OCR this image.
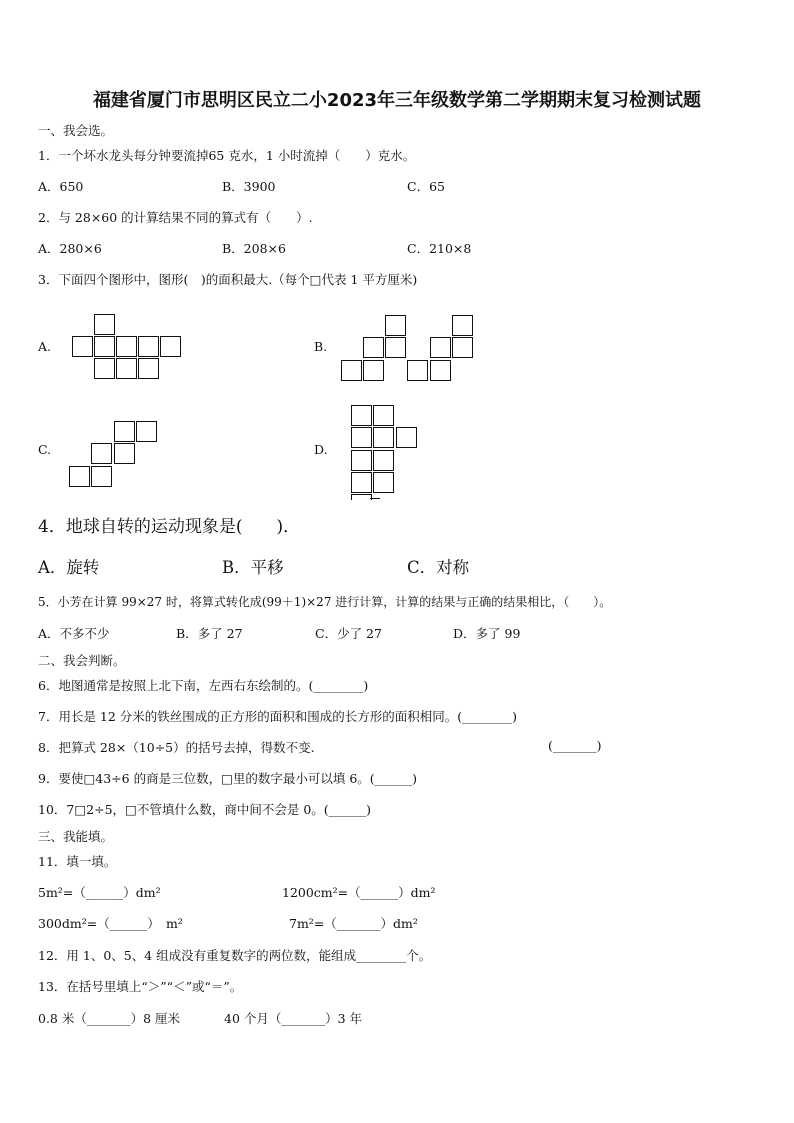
福建省厦门市思明区民立二小2023年三年级数学第二学期期末复习检测试题
一、我会选。
1．一个坏水龙头每分钟要流掉65 克水，1 小时流掉（　　）克水。
A．650	B．3900	C．65
2．与 28×60 的计算结果不同的算式有（　　）.
A．280×6	B．208×6	C．210×8
3．下面四个图形中，图形(　)的面积最大.（每个□代表 1 平方厘米)
A.	B.
C.	D.
4．地球自转的运动现象是(　　)．
A．旋转	B．平移	C．对称
5．小芳在计算 99×27 时，将算式转化成(99＋1)×27 进行计算，计算的结果与正确的结果相比，（　　）。
A．不多不少	B．多了 27	C．少了 27	D．多了 99
二、我会判断。
6．地图通常是按照上北下南，左西右东绘制的。(________)
7．用长是 12 分米的铁丝围成的正方形的面积和围成的长方形的面积相同。(________)
8．把算式 28×（10÷5）的括号去掉，得数不变.	(_______)
9．要使□43÷6 的商是三位数，□里的数字最小可以填 6。(______)
10．7□2÷5，□不管填什么数，商中间不会是 0。(______)
三、我能填。
11．填一填。
5m²=（______）dm²	1200cm²=（______）dm²
300dm²=（______）　m²	7m²=（_______）dm²
12．用 1、0、5、4 组成没有重复数字的两位数，能组成________个。
13．在括号里填上“＞”“＜”或“＝”。
0.8 米（_______）8 厘米	40 个月（_______）3 年
